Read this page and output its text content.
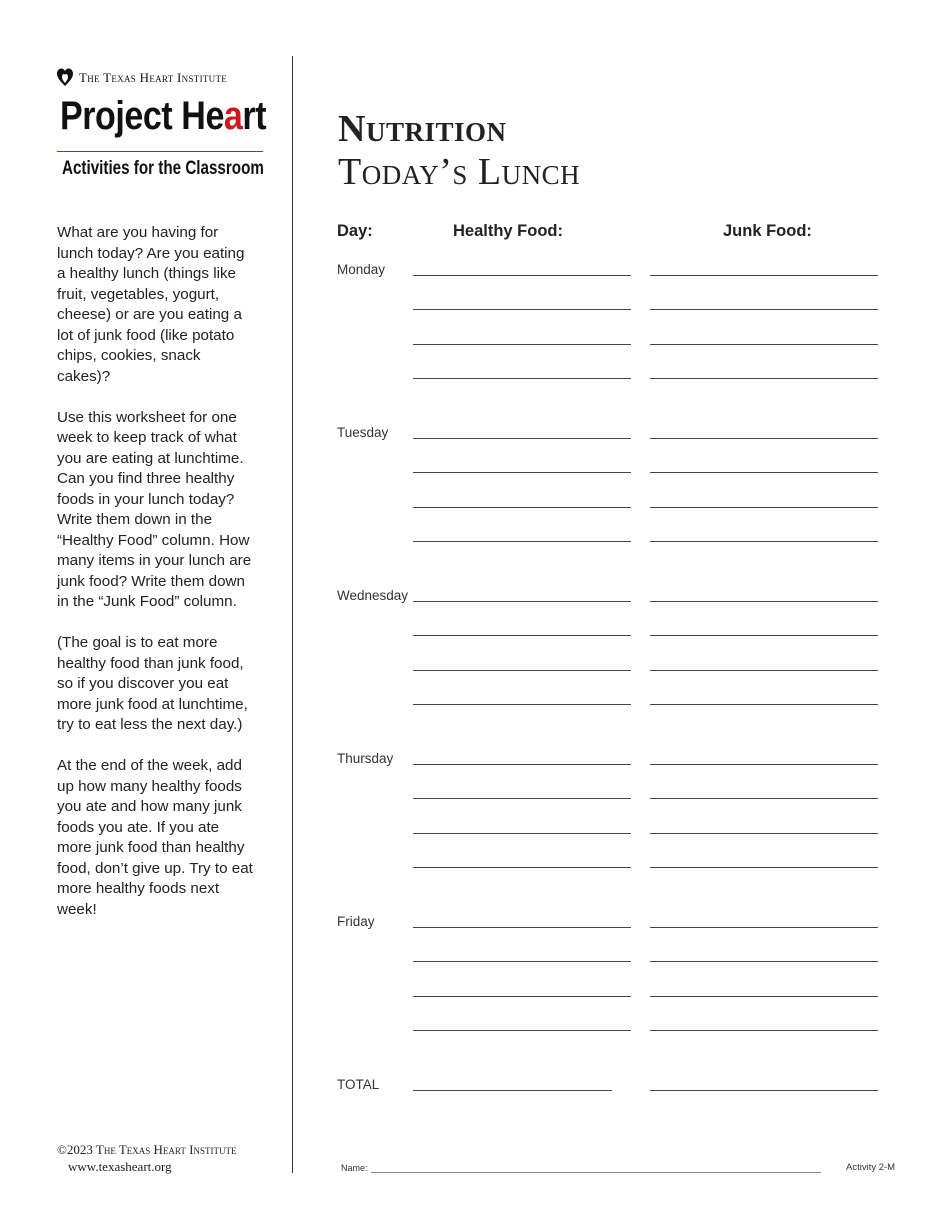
The Texas Heart Institute
Project Heart
Activities for the Classroom

What are you having for lunch today? Are you eating a healthy lunch (things like fruit, vegetables, yogurt, cheese) or are you eating a lot of junk food (like potato chips, cookies, snack cakes)?

Use this worksheet for one week to keep track of what you are eating at lunchtime. Can you find three healthy foods in your lunch today? Write them down in the “Healthy Food” column. How many items in your lunch are junk food? Write them down in the “Junk Food” column.

(The goal is to eat more healthy food than junk food, so if you discover you eat more junk food at lunchtime, try to eat less the next day.)

At the end of the week, add up how many healthy foods you ate and how many junk foods you ate. If you ate more junk food than healthy food, don’t give up. Try to eat more healthy foods next week!

©2023 The Texas Heart Institute
www.texasheart.org
Nutrition
Today’s Lunch
Day:	Healthy Food:	Junk Food:
Monday
Tuesday
Wednesday
Thursday
Friday
TOTAL
Name:	Activity 2-M
